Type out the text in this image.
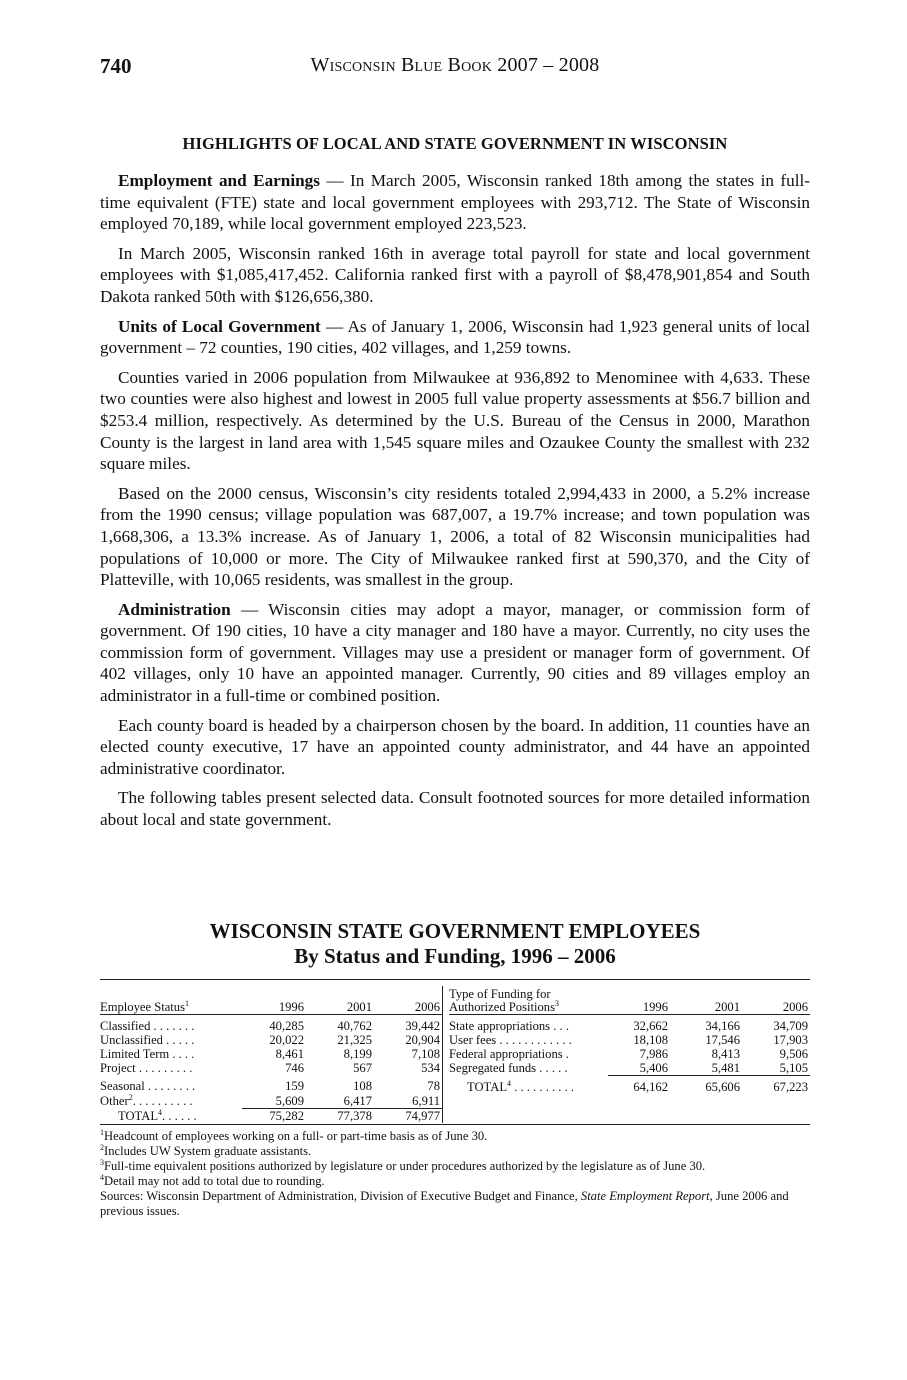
740	Wisconsin Blue Book 2007 – 2008
HIGHLIGHTS OF LOCAL AND STATE GOVERNMENT IN WISCONSIN

Employment and Earnings — In March 2005, Wisconsin ranked 18th among the states in full-time equivalent (FTE) state and local government employees with 293,712. The State of Wisconsin employed 70,189, while local government employed 223,523.

In March 2005, Wisconsin ranked 16th in average total payroll for state and local government employees with $1,085,417,452. California ranked first with a payroll of $8,478,901,854 and South Dakota ranked 50th with $126,656,380.

Units of Local Government — As of January 1, 2006, Wisconsin had 1,923 general units of local government – 72 counties, 190 cities, 402 villages, and 1,259 towns.

Counties varied in 2006 population from Milwaukee at 936,892 to Menominee with 4,633. These two counties were also highest and lowest in 2005 full value property assessments at $56.7 billion and $253.4 million, respectively. As determined by the U.S. Bureau of the Census in 2000, Marathon County is the largest in land area with 1,545 square miles and Ozaukee County the smallest with 232 square miles.

Based on the 2000 census, Wisconsin’s city residents totaled 2,994,433 in 2000, a 5.2% increase from the 1990 census; village population was 687,007, a 19.7% increase; and town population was 1,668,306, a 13.3% increase. As of January 1, 2006, a total of 82 Wisconsin municipalities had populations of 10,000 or more. The City of Milwaukee ranked first at 590,370, and the City of Platteville, with 10,065 residents, was smallest in the group.

Administration — Wisconsin cities may adopt a mayor, manager, or commission form of government. Of 190 cities, 10 have a city manager and 180 have a mayor. Currently, no city uses the commission form of government. Villages may use a president or manager form of government. Of 402 villages, only 10 have an appointed manager. Currently, 90 cities and 89 villages employ an administrator in a full-time or combined position.

Each county board is headed by a chairperson chosen by the board. In addition, 11 counties have an elected county executive, 17 have an appointed county administrator, and 44 have an appointed administrative coordinator.

The following tables present selected data. Consult footnoted sources for more detailed information about local and state government.

WISCONSIN STATE GOVERNMENT EMPLOYEES
By Status and Funding, 1996 – 2006
Employee Status$^1$	1996	2001	2006
Classified . . . . . . .	40,285	40,762	39,442
Unclassified . . . . .	20,022	21,325	20,904
Limited Term . . . .	8,461	8,199	7,108
Project . . . . . . . . .	746	567	534
Seasonal . . . . . . . .	159	108	78
Other$^2$. . . . . . . . . .	5,609	6,417	6,911
TOTAL$^4$. . . . . .	75,282	77,378	74,977
Type of Funding for
Authorized Positions$^3$	1996	2001	2006
State appropriations . . .	32,662	34,166	34,709
User fees . . . . . . . . . . . .	18,108	17,546	17,903
Federal appropriations .	7,986	8,413	9,506
Segregated funds . . . . .	5,406	5,481	5,105
TOTAL$^4$ . . . . . . . . . .	64,162	65,606	67,223
$^1$Headcount of employees working on a full- or part-time basis as of June 30.
$^2$Includes UW System graduate assistants.
$^3$Full-time equivalent positions authorized by legislature or under procedures authorized by the legislature as of June 30.
$^4$Detail may not add to total due to rounding.
Sources: Wisconsin Department of Administration, Division of Executive Budget and Finance, State Employment Report, June 2006 and previous issues.
